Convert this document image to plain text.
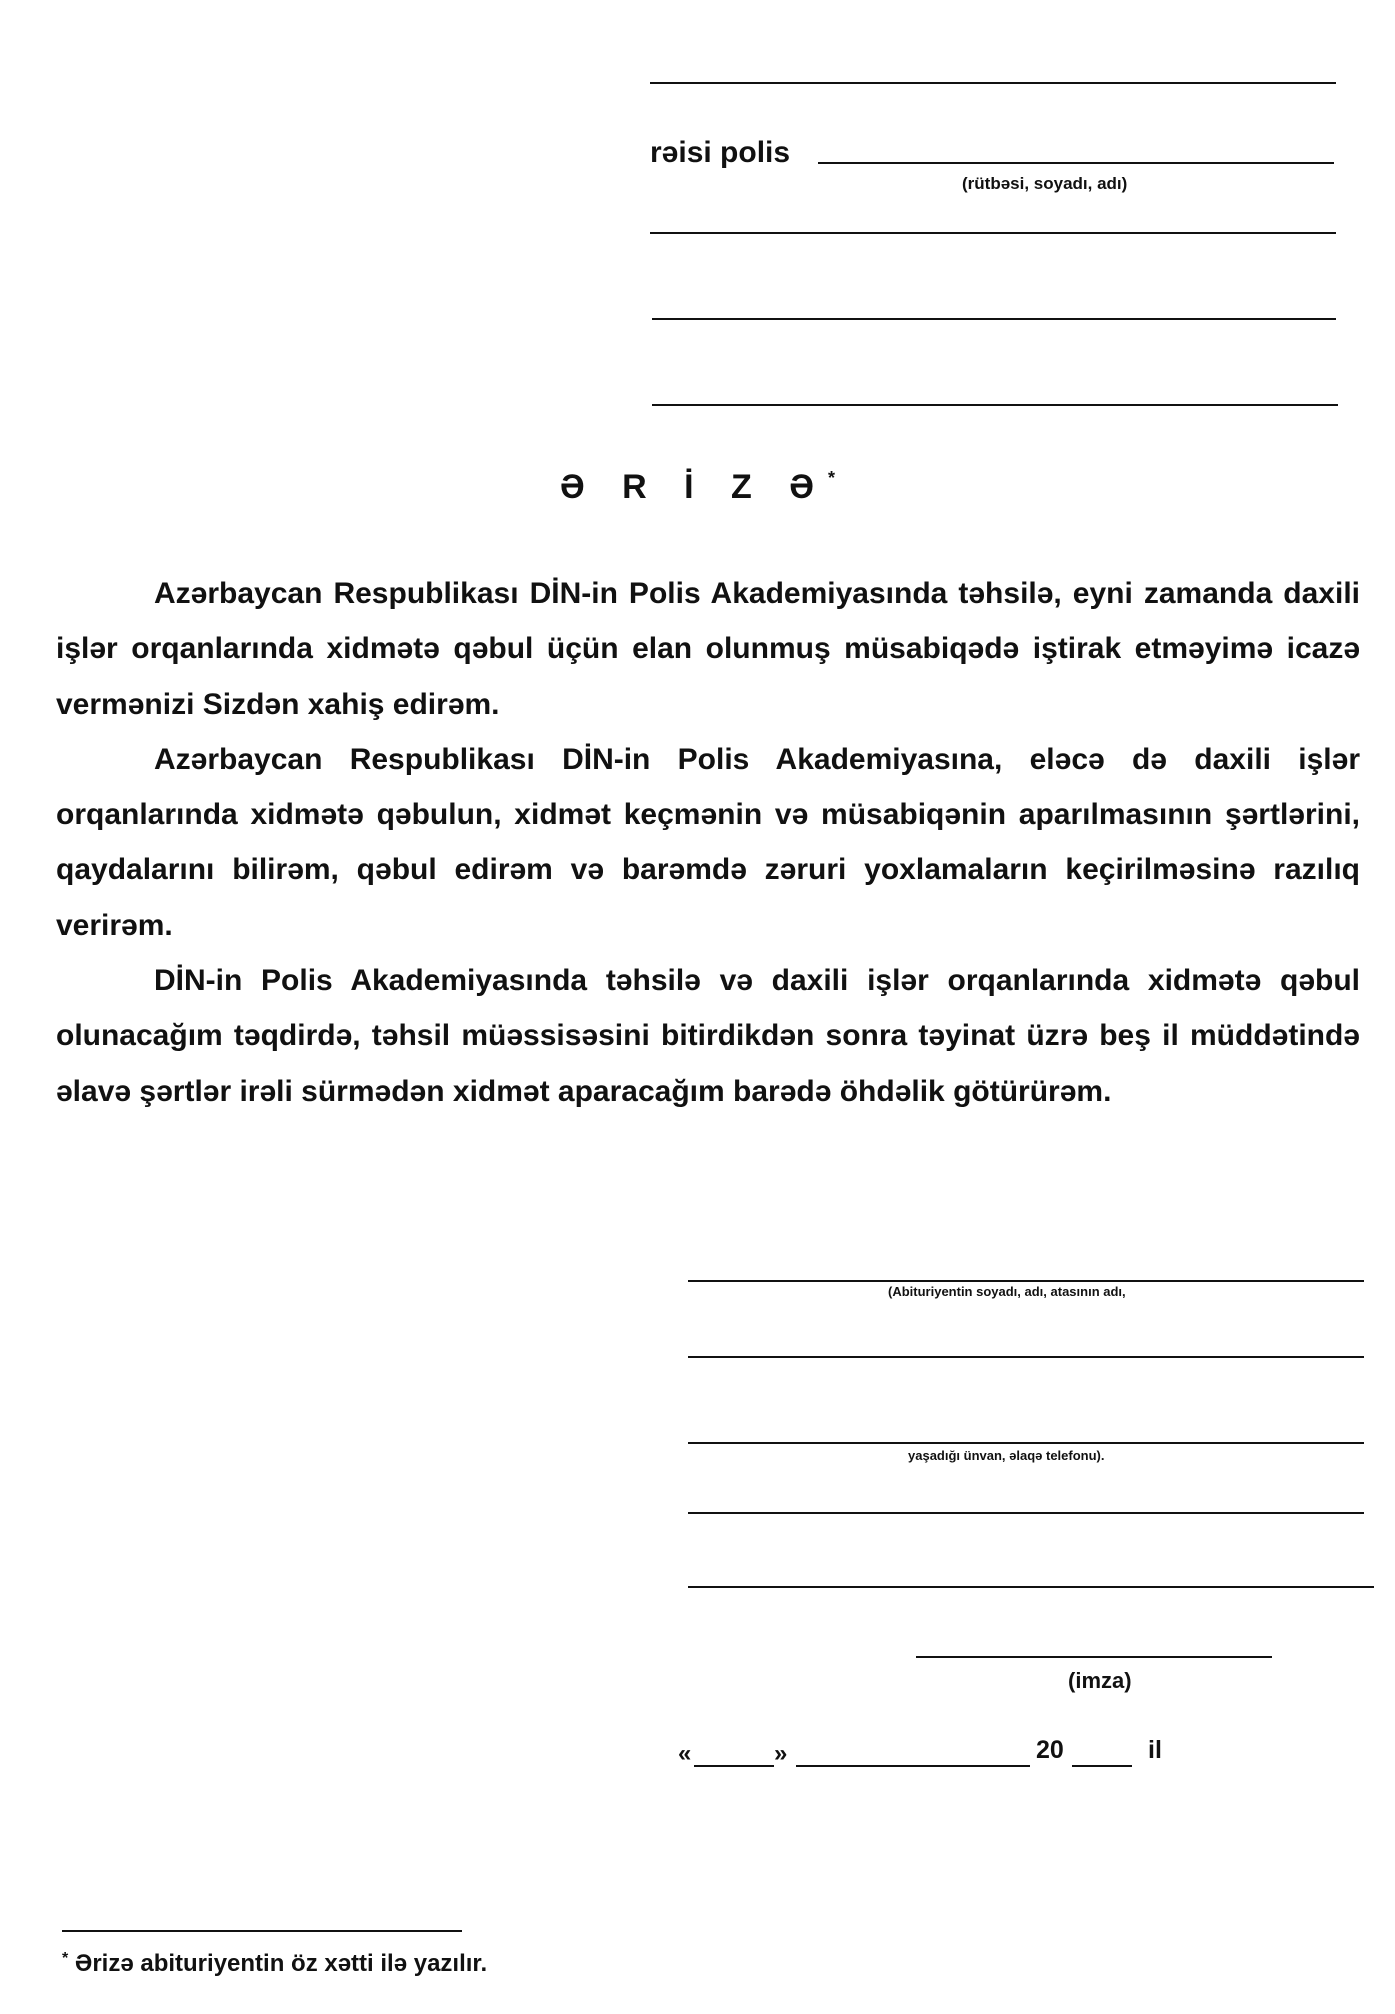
rəisi polis
(rütbəsi, soyadı, adı)
Ə R İ Z Ə*

Azərbaycan Respublikası DİN-in Polis Akademiyasında təhsilə, eyni zamanda daxili işlər orqanlarında xidmətə qəbul üçün elan olunmuş müsabiqədə iştirak etməyimə icazə vermənizi Sizdən xahiş edirəm.

Azərbaycan Respublikası DİN-in Polis Akademiyasına, eləcə də daxili işlər orqanlarında xidmətə qəbulun, xidmət keçmənin və müsabiqənin aparılmasının şərtlərini, qaydalarını bilirəm, qəbul edirəm və barəmdə zəruri yoxlamaların keçirilməsinə razılıq verirəm.

DİN-in Polis Akademiyasında təhsilə və daxili işlər orqanlarında xidmətə qəbul olunacağım təqdirdə, təhsil müəssisəsini bitirdikdən sonra təyinat üzrə beş il müddətində əlavə şərtlər irəli sürmədən xidmət aparacağım barədə öhdəlik götürürəm.

(Abituriyentin soyadı, adı, atasının adı,
yaşadığı ünvan, əlaqə telefonu).
(imza)
«	»	20	il
* Ərizə abituriyentin öz xətti ilə yazılır.
